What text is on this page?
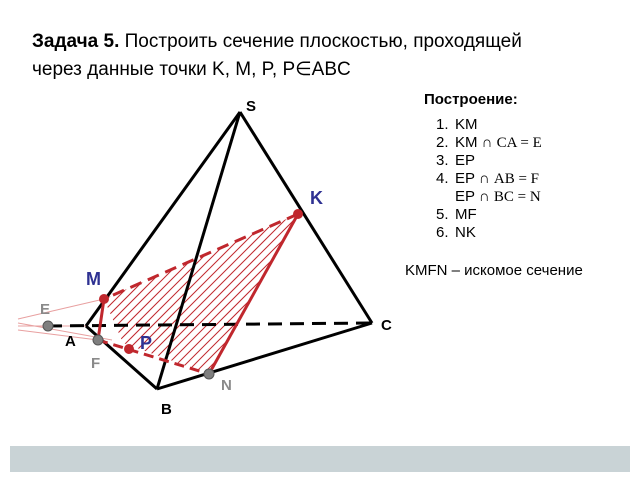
Задача 5. Построить сечение плоскостью, проходящей
через данные точки K, M, P, P∈ABC
S
K
M
E
C
A	P
F
N
B
Построение:
1. KM
2. KM ∩ CA = E
3. EP
4. EP ∩ AB = F
EP ∩ BC = N
5. MF
6. NK
KMFN – искомое сечение
